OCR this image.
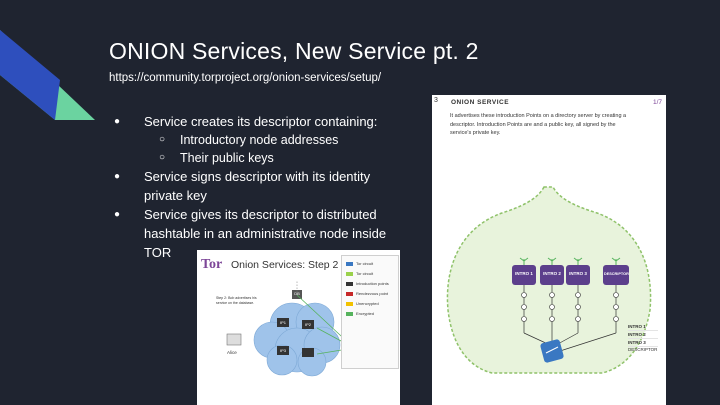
ONION Services, New Service pt. 2
https://community.torproject.org/onion-services/setup/
● Service creates its descriptor containing:
○ Introductory node addresses
○ Their public keys
● Service signs descriptor with its identity private key
● Service gives its descriptor to distributed hashtable in an administrative node inside TOR
Tor Onion Services: Step 2
Step 2: Bob advertises his service on the database.
IP1	IP2
IP3
DB
Alice
Tor circuit
Tor circuit
Introduction points
Rendezvous point
Unencrypted
Encrypted
3 ONION SERVICE	1/7
It advertises these introduction Points on a directory server by creating a descriptor. Introduction Points are and a public key, all signed by the service's private key.
INTRO 1	INTRO 2	INTRO 3	DESCRIPTOR
INTRO 1
INTRO 2
INTRO 3
DESCRIPTOR
